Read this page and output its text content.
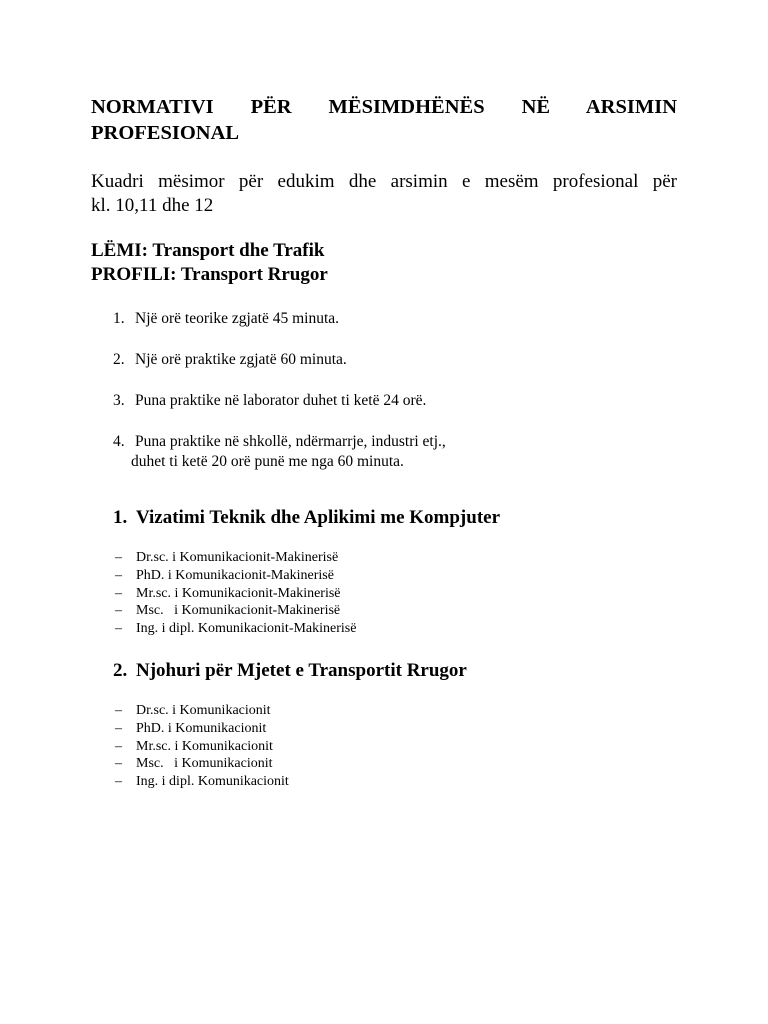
NORMATIVI PËR MËSIMDHËNËS NË ARSIMIN
PROFESIONAL

Kuadri mësimor për edukim dhe arsimin e mesëm profesional për
kl. 10,11 dhe 12

LËMI: Transport dhe Trafik
PROFILI: Transport Rrugor
1. Një orë teorike zgjatë 45 minuta.
2. Një orë praktike zgjatë 60 minuta.
3. Puna praktike në laborator duhet ti ketë 24 orë.
4. Puna praktike në shkollë, ndërmarrje, industri etj.,
duhet ti ketë 20 orë punë me nga 60 minuta.
1. Vizatimi Teknik dhe Aplikimi me Kompjuter
–	Dr.sc. i Komunikacionit-Makinerisë
–	PhD. i Komunikacionit-Makinerisë
–	Mr.sc. i Komunikacionit-Makinerisë
–	Msc.   i Komunikacionit-Makinerisë
–	Ing. i dipl. Komunikacionit-Makinerisë
2. Njohuri për Mjetet e Transportit Rrugor
–	Dr.sc. i Komunikacionit
–	PhD. i Komunikacionit
–	Mr.sc. i Komunikacionit
–	Msc.   i Komunikacionit
–	Ing. i dipl. Komunikacionit
